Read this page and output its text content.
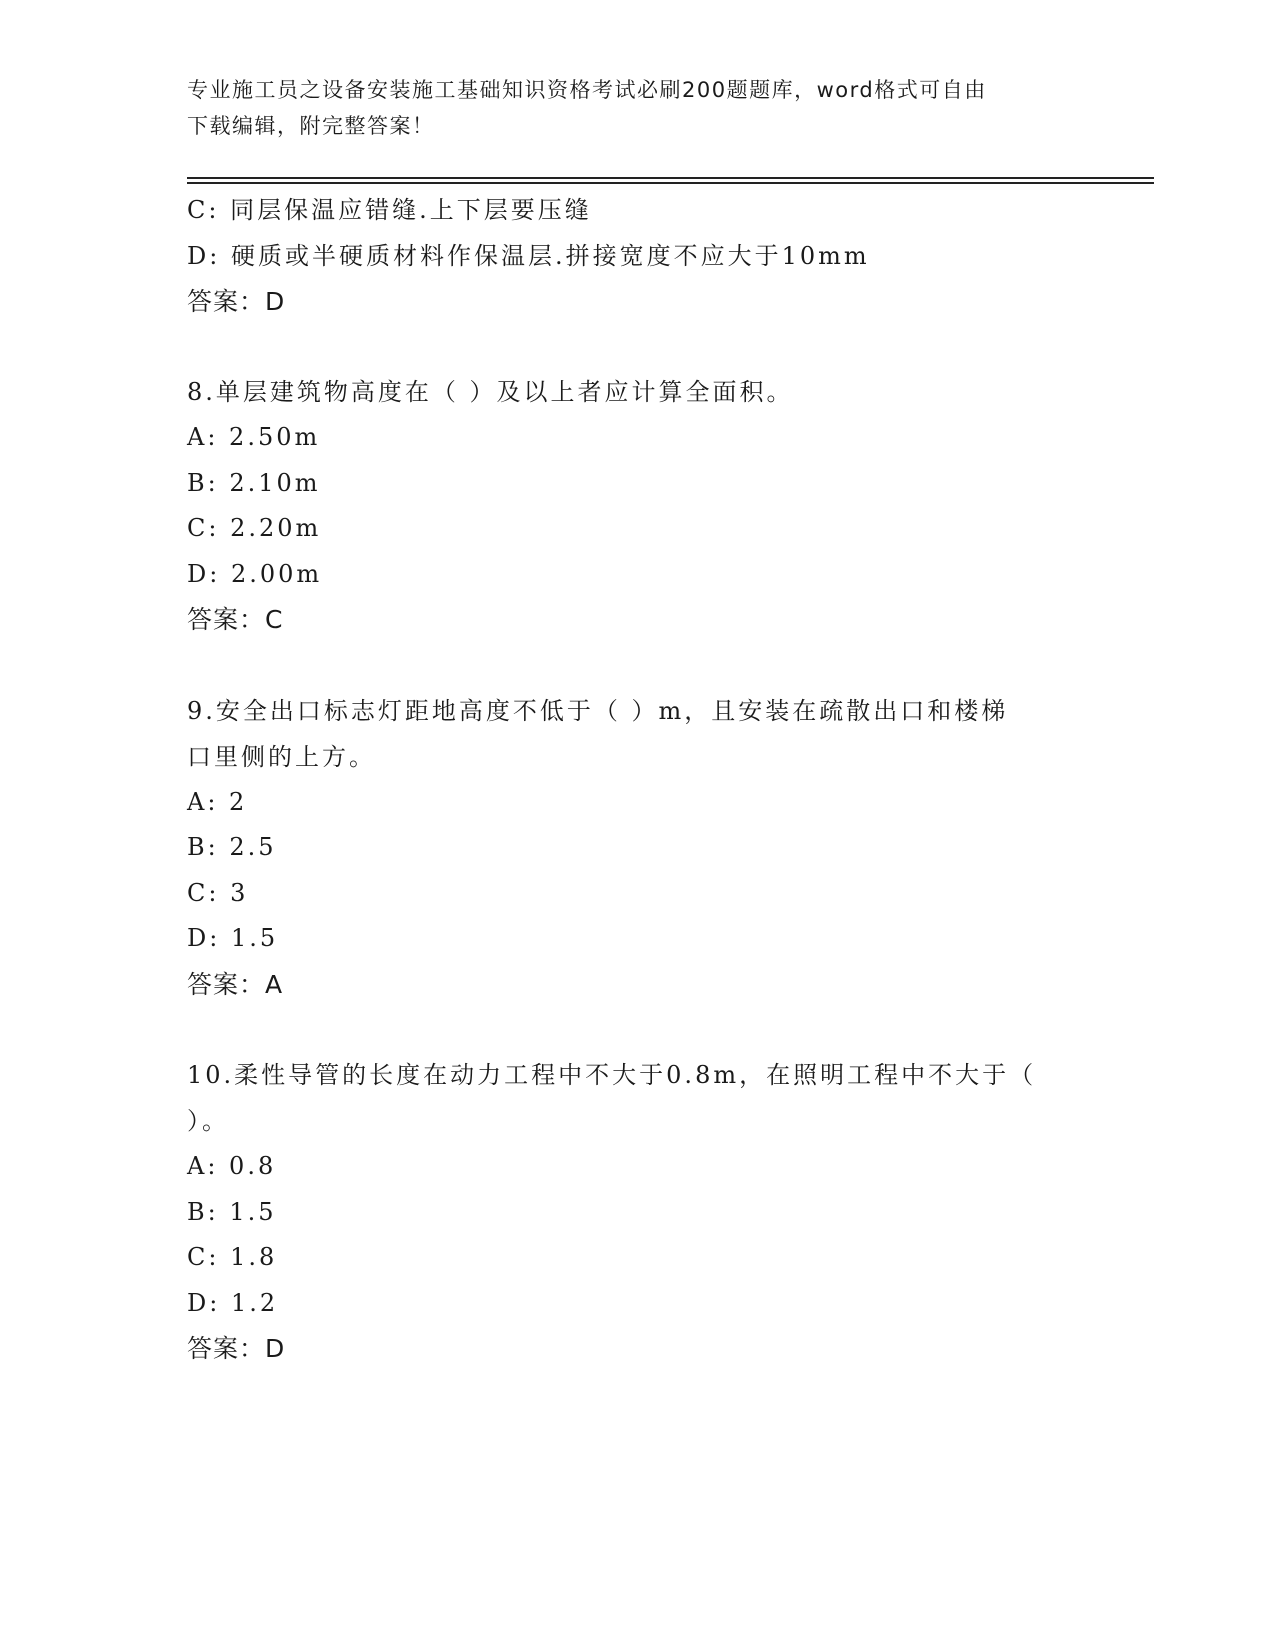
专业施工员之设备安装施工基础知识资格考试必刷200题题库，word格式可自由
下载编辑，附完整答案！
C: 同层保温应错缝.上下层要压缝
D: 硬质或半硬质材料作保温层.拼接宽度不应大于10mm
答案：D
8.单层建筑物高度在（ ）及以上者应计算全面积。
A: 2.50m
B: 2.10m
C: 2.20m
D: 2.00m
答案：C
9.安全出口标志灯距地高度不低于（ ）m，且安装在疏散出口和楼梯
口里侧的上方。
A: 2
B: 2.5
C: 3
D: 1.5
答案：A
10.柔性导管的长度在动力工程中不大于0.8m，在照明工程中不大于（
）。
A: 0.8
B: 1.5
C: 1.8
D: 1.2
答案：D
